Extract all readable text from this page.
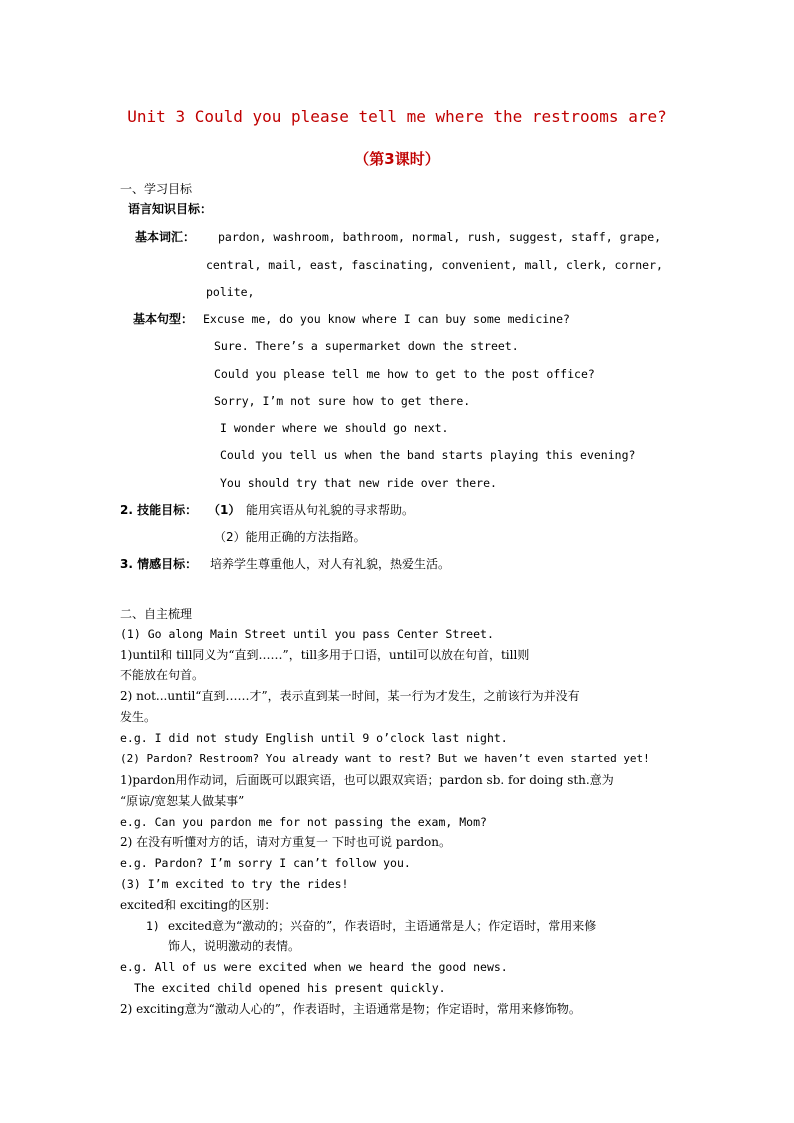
Unit 3 Could you please tell me where the restrooms are?
（第3课时）
一、学习目标
语言知识目标：
基本词汇： pardon, washroom, bathroom, normal, rush, suggest, staff, grape,
central, mail, east, fascinating, convenient, mall, clerk, corner,
polite,
基本句型： Excuse me, do you know where I can buy some medicine?
Sure. There’s a supermarket down the street.
Could you please tell me how to get to the post office?
Sorry, I’m not sure how to get there.
I wonder where we should go next.
Could you tell us when the band starts playing this evening?
You should try that new ride over there.
2. 技能目标： （1） 能用宾语从句礼貌的寻求帮助。
（2）能用正确的方法指路。
3. 情感目标： 培养学生尊重他人，对人有礼貌，热爱生活。
二、自主梳理
(1) Go along Main Street until you pass Center Street.
1)until和 till同义为“直到……”，till多用于口语，until可以放在句首，till则
不能放在句首。
2) not...until“直到……才”，表示直到某一时间，某一行为才发生，之前该行为并没有
发生。
e.g. I did not study English until 9 o’clock last night.
(2) Pardon? Restroom? You already want to rest? But we haven’t even started yet!
1)pardon用作动词，后面既可以跟宾语，也可以跟双宾语；pardon sb. for doing sth.意为
“原谅/宽恕某人做某事”
e.g. Can you pardon me for not passing the exam, Mom?
2) 在没有听懂对方的话，请对方重复一 下时也可说 pardon。
e.g. Pardon? I’m sorry I can’t follow you.
(3) I’m excited to try the rides!
excited和 exciting的区别：
1) excited意为“激动的；兴奋的”，作表语时，主语通常是人；作定语时，常用来修
饰人，说明激动的表情。
e.g. All of us were excited when we heard the good news.
The excited child opened his present quickly.
2) exciting意为“激动人心的”，作表语时，主语通常是物；作定语时，常用来修饰物。
